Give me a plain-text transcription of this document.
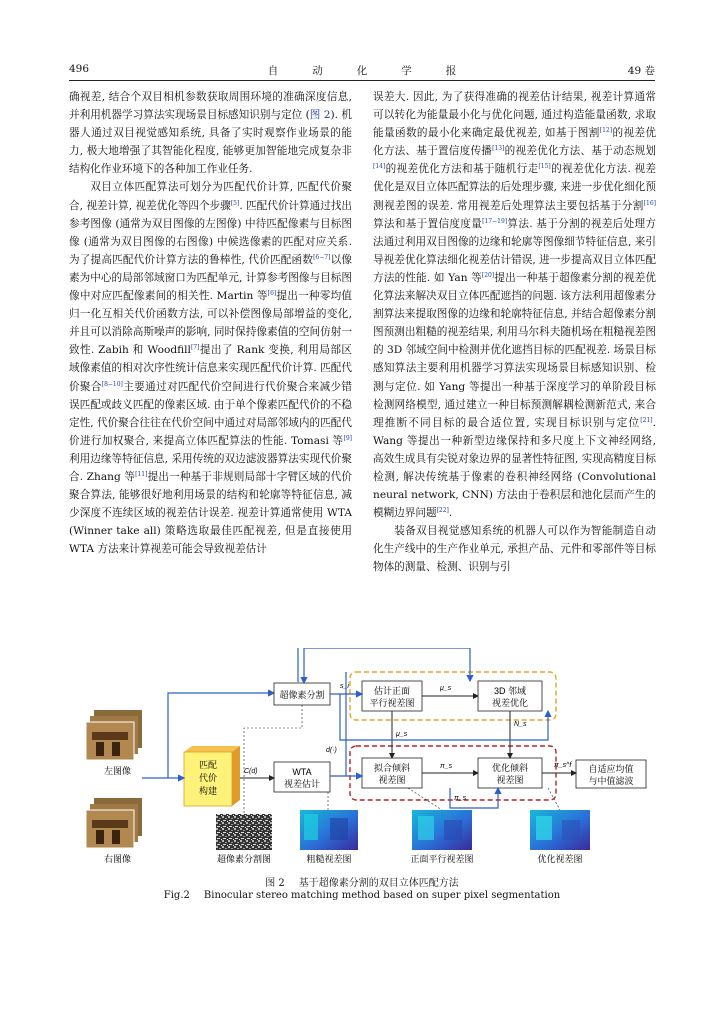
496	自动化学报	49 卷

确视差, 结合个双目相机参数获取周围环境的准确深度信息, 并利用机器学习算法实现场景目标感知识别与定位 (图 2). 机器人通过双目视觉感知系统, 具备了实时观察作业场景的能力, 极大地增强了其智能化程度, 能够更加智能地完成复杂非结构化作业环境下的各种加工作业任务.

双目立体匹配算法可划分为匹配代价计算, 匹配代价聚合, 视差计算, 视差优化等四个步骤[5]. 匹配代价计算通过找出参考图像 (通常为双目图像的左图像) 中待匹配像素与目标图像 (通常为双目图像的右图像) 中候选像素的匹配对应关系. 为了提高匹配代价计算方法的鲁棒性, 代价匹配函数[6−7]以像素为中心的局部邻域窗口为匹配单元, 计算参考图像与目标图像中对应匹配像素间的相关性. Martin 等[6]提出一种零均值归一化互相关代价函数方法, 可以补偿图像局部增益的变化, 并且可以消除高斯噪声的影响, 同时保持像素值的空间仿射一致性. Zabih 和 Woodfill[7]提出了 Rank 变换, 利用局部区域像素值的相对次序性统计信息来实现匹配代价计算. 匹配代价聚合[8−10]主要通过对匹配代价空间进行代价聚合来减少错误匹配或歧义匹配的像素区域. 由于单个像素匹配代价的不稳定性, 代价聚合往往在代价空间中通过对局部邻域内的匹配代价进行加权聚合, 来提高立体匹配算法的性能. Tomasi 等[9]利用边缘等特征信息, 采用传统的双边滤波器算法实现代价聚合. Zhang 等[11]提出一种基于非规则局部十字臂区域的代价聚合算法, 能够很好地利用场景的结构和轮廓等特征信息, 减少深度不连续区域的视差估计误差. 视差计算通常使用 WTA (Winner take all) 策略选取最佳匹配视差, 但是直接使用 WTA 方法来计算视差可能会导致视差估计

误差大. 因此, 为了获得准确的视差估计结果, 视差计算通常可以转化为能量最小化与优化问题, 通过构造能量函数, 求取能量函数的最小化来确定最优视差, 如基于图割[12]的视差优化方法、基于置信度传播[13]的视差优化方法、基于动态规划[14]的视差优化方法和基于随机行走[15]的视差优化方法. 视差优化是双目立体匹配算法的后处理步骤, 来进一步优化细化预测视差图的误差. 常用视差后处理算法主要包括基于分割[16]算法和基于置信度度量[17−19]算法. 基于分割的视差后处理方法通过利用双目图像的边缘和轮廓等图像细节特征信息, 来引导视差优化算法细化视差估计错误, 进一步提高双目立体匹配方法的性能. 如 Yan 等[20]提出一种基于超像素分割的视差优化算法来解决双目立体匹配遮挡的问题. 该方法利用超像素分割算法来提取图像的边缘和轮廓特征信息, 并结合超像素分割图预测出粗糙的视差结果, 利用马尔科夫随机场在粗糙视差图的 3D 邻域空间中检测并优化遮挡目标的匹配视差. 场景目标感知算法主要利用机器学习算法实现场景目标感知识别、检测与定位. 如 Yang 等提出一种基于深度学习的单阶段目标检测网络模型, 通过建立一种目标预测解耦检测新范式, 来合理推断不同目标的最合适位置, 实现目标识别与定位[21]. Wang 等提出一种新型边缘保持和多尺度上下文神经网络, 高效生成具有尖锐对象边界的显著性特征图, 实现高精度目标检测, 解决传统基于像素的卷积神经网络 (Convolutional neural network, CNN) 方法由于卷积层和池化层而产生的模糊边界问题[22].

装备双目视觉感知系统的机器人可以作为智能制造自动化生产线中的生产作业单元, 承担产品、元件和零部件等目标物体的测量、检测、识别与引

左图像
右图像
匹配
代价
构建
超像素分割
s_i
WTA
视差估计
C(d)
d(·)
估计正面
平行视差图
3D 邻域
视差优化
μ_s
拟合倾斜
视差图
优化倾斜
视差图
π_s
μ_s
N_s
π_s
自适应均值
与中值滤波
π_s^f
超像素分割图	粗糙视差图	正面平行视差图	优化视差图
图 2 基于超像素分割的双目立体匹配方法
Fig.2 Binocular stereo matching method based on super pixel segmentation
